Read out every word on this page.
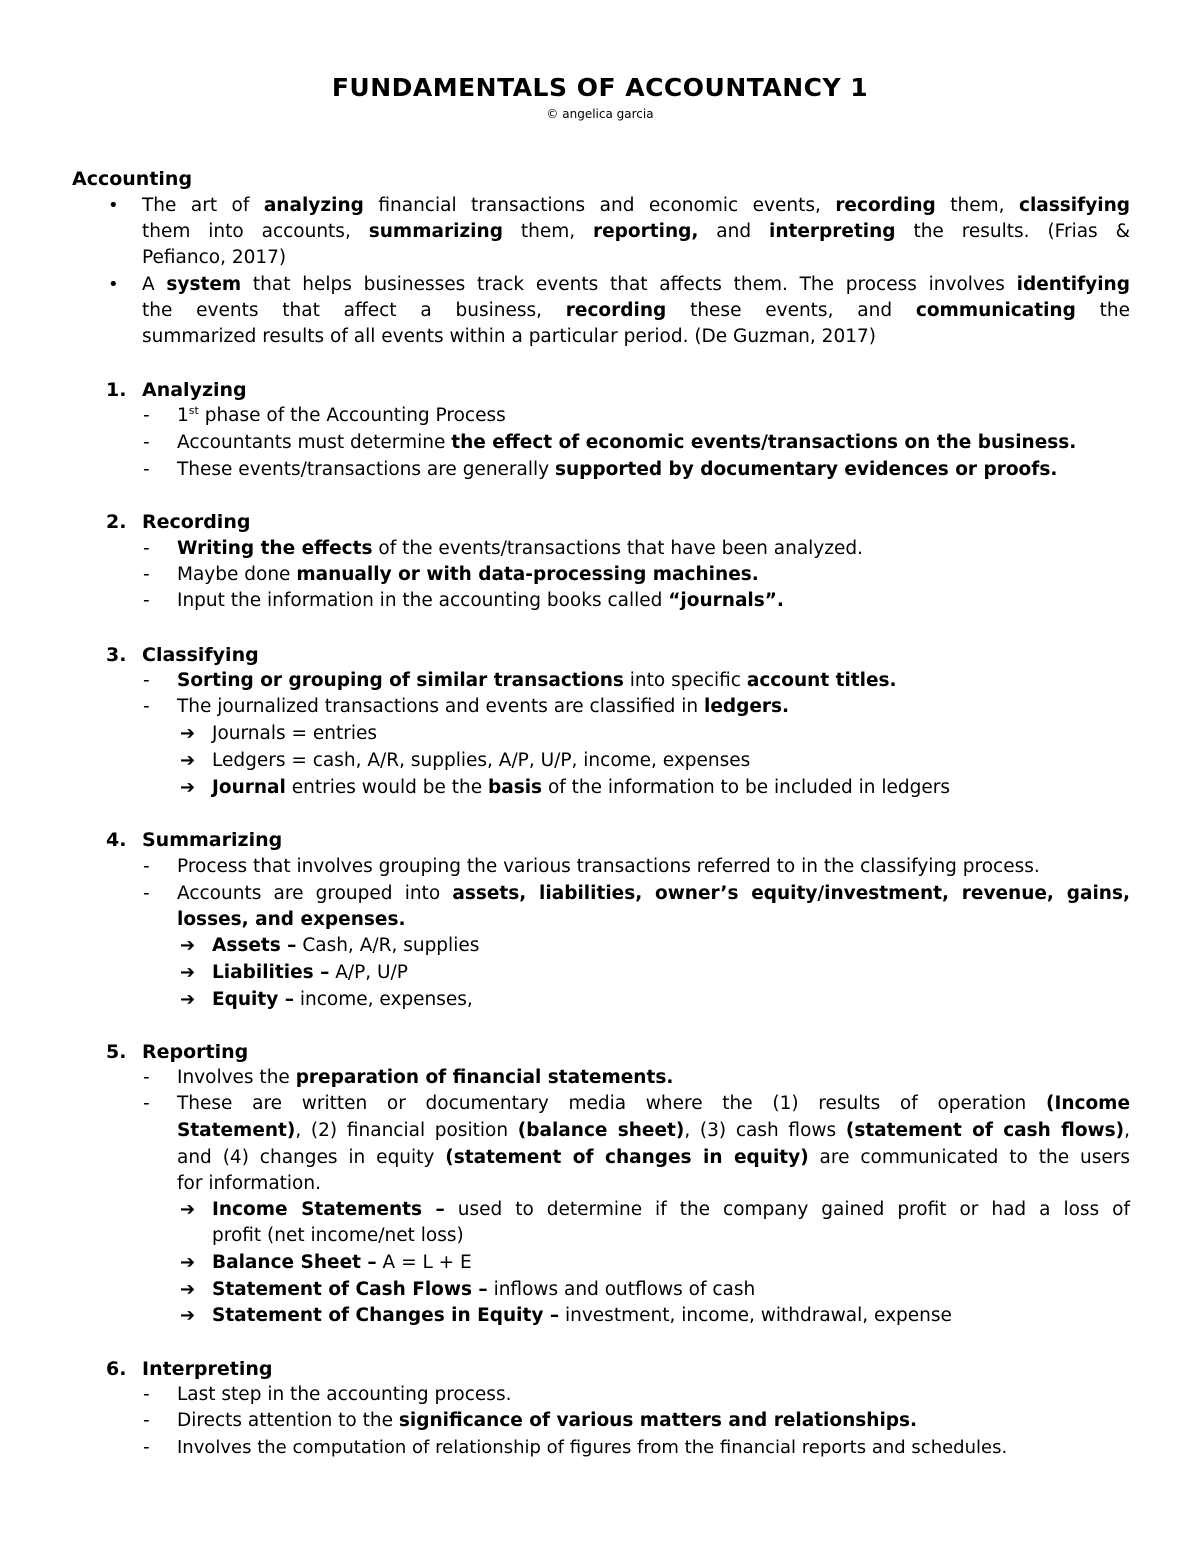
FUNDAMENTALS OF ACCOUNTANCY 1
© angelica garcia
Accounting
• The art of analyzing financial transactions and economic events, recording them, classifying
them into accounts, summarizing them, reporting, and interpreting the results. (Frias &
Pefianco, 2017)
• A system that helps businesses track events that affects them. The process involves identifying
the events that affect a business, recording these events, and communicating the
summarized results of all events within a particular period. (De Guzman, 2017)
1. Analyzing
- 1st phase of the Accounting Process
- Accountants must determine the effect of economic events/transactions on the business.
- These events/transactions are generally supported by documentary evidences or proofs.
2. Recording
- Writing the effects of the events/transactions that have been analyzed.
- Maybe done manually or with data-processing machines.
- Input the information in the accounting books called “journals”.
3. Classifying
- Sorting or grouping of similar transactions into specific account titles.
- The journalized transactions and events are classified in ledgers.
➔ Journals = entries
➔ Ledgers = cash, A/R, supplies, A/P, U/P, income, expenses
➔ Journal entries would be the basis of the information to be included in ledgers
4. Summarizing
- Process that involves grouping the various transactions referred to in the classifying process.
- Accounts are grouped into assets, liabilities, owner’s equity/investment, revenue, gains,
losses, and expenses.
➔ Assets – Cash, A/R, supplies
➔ Liabilities – A/P, U/P
➔ Equity – income, expenses,
5. Reporting
- Involves the preparation of financial statements.
- These are written or documentary media where the (1) results of operation (Income
Statement), (2) financial position (balance sheet), (3) cash flows (statement of cash flows),
and (4) changes in equity (statement of changes in equity) are communicated to the users
for information.
➔ Income Statements – used to determine if the company gained profit or had a loss of
profit (net income/net loss)
➔ Balance Sheet – A = L + E
➔ Statement of Cash Flows – inflows and outflows of cash
➔ Statement of Changes in Equity – investment, income, withdrawal, expense
6. Interpreting
- Last step in the accounting process.
- Directs attention to the significance of various matters and relationships.
- Involves the computation of relationship of figures from the financial reports and schedules.
